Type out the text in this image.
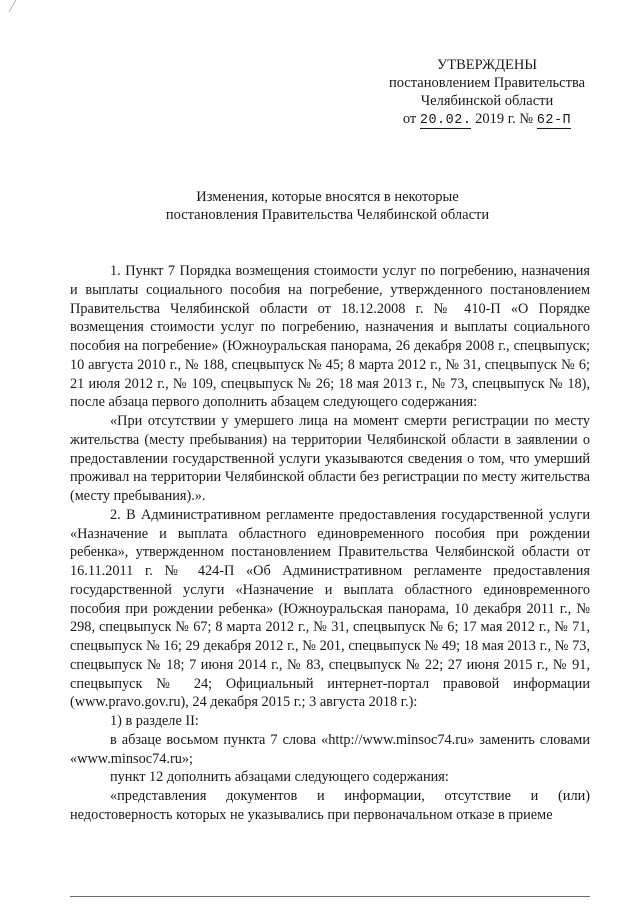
УТВЕРЖДЕНЫ
постановлением Правительства
Челябинской области
от 20.02. 2019 г. № 62-П
Изменения, которые вносятся в некоторые
постановления Правительства Челябинской области

1. Пункт 7 Порядка возмещения стоимости услуг по погребению, назначения и выплаты социального пособия на погребение, утвержденного постановлением Правительства Челябинской области от 18.12.2008 г. № 410-П «О Порядке возмещения стоимости услуг по погребению, назначения и выплаты социального пособия на погребение» (Южноуральская панорама, 26 декабря 2008 г., спецвыпуск; 10 августа 2010 г., № 188, спецвыпуск № 45; 8 марта 2012 г., № 31, спецвыпуск № 6; 21 июля 2012 г., № 109, спецвыпуск № 26; 18 мая 2013 г., № 73, спецвыпуск № 18), после абзаца первого дополнить абзацем следующего содержания:

«При отсутствии у умершего лица на момент смерти регистрации по месту жительства (месту пребывания) на территории Челябинской области в заявлении о предоставлении государственной услуги указываются сведения о том, что умерший проживал на территории Челябинской области без регистрации по месту жительства (месту пребывания).».

2. В Административном регламенте предоставления государственной услуги «Назначение и выплата областного единовременного пособия при рождении ребенка», утвержденном постановлением Правительства Челябинской области от 16.11.2011 г. № 424-П «Об Административном регламенте предоставления государственной услуги «Назначение и выплата областного единовременного пособия при рождении ребенка» (Южноуральская панорама, 10 декабря 2011 г., № 298, спецвыпуск № 67; 8 марта 2012 г., № 31, спецвыпуск № 6; 17 мая 2012 г., № 71, спецвыпуск № 16; 29 декабря 2012 г., № 201, спецвыпуск № 49; 18 мая 2013 г., № 73, спецвыпуск № 18; 7 июня 2014 г., № 83, спецвыпуск № 22; 27 июня 2015 г., № 91, спецвыпуск № 24; Официальный интернет-портал правовой информации (www.pravo.gov.ru), 24 декабря 2015 г.; 3 августа 2018 г.):

1) в разделе II:

в абзаце восьмом пункта 7 слова «http://www.minsoc74.ru» заменить словами «www.minsoc74.ru»;

пункт 12 дополнить абзацами следующего содержания:

«представления документов и информации, отсутствие и (или) недостоверность которых не указывались при первоначальном отказе в приеме
